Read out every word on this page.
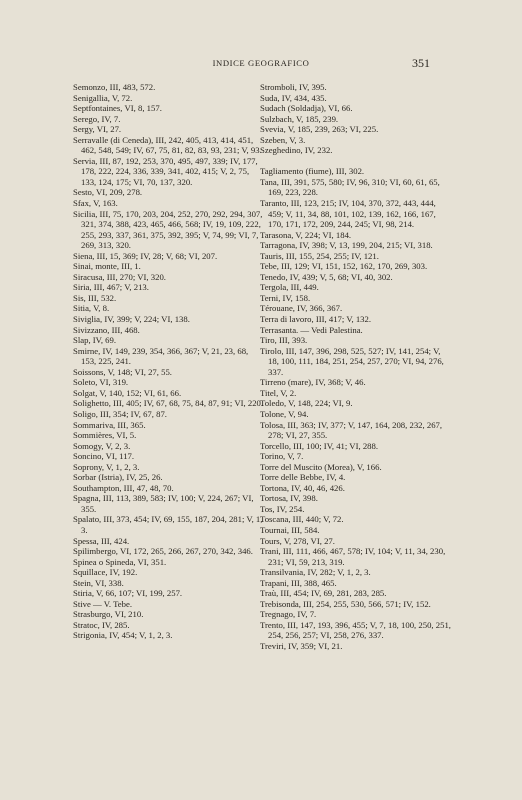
INDICE GEOGRAFICO	351
Semonzo, III, 483, 572.
Senigallia, V, 72.
Septfontaines, VI, 8, 157.
Serego, IV, 7.
Sergy, VI, 27.
Serravalle (di Ceneda), III, 242, 405, 413, 414, 451, 462, 548, 549; IV, 67, 75, 81, 82, 83, 93, 231; V, 93.
Servia, III, 87, 192, 253, 370, 495, 497, 339; IV, 177, 178, 222, 224, 336, 339, 341, 402, 415; V, 2, 75, 133, 124, 175; VI, 70, 137, 320.
Sesto, VI, 209, 278.
Sfax, V, 163.
Sicilia, III, 75, 170, 203, 204, 252, 270, 292, 294, 307, 321, 374, 388, 423, 465, 466, 568; IV, 19, 109, 222, 255, 293, 337, 361, 375, 392, 395; V, 74, 99; VI, 7, 269, 313, 320.
Siena, III, 15, 369; IV, 28; V, 68; VI, 207.
Sinai, monte, III, 1.
Siracusa, III, 270; VI, 320.
Siria, III, 467; V, 213.
Sis, III, 532.
Sitia, V, 8.
Siviglia, IV, 399; V, 224; VI, 138.
Sivizzano, III, 468.
Slap, IV, 69.
Smirne, IV, 149, 239, 354, 366, 367; V, 21, 23, 68, 153, 225, 241.
Soissons, V, 148; VI, 27, 55.
Soleto, VI, 319.
Solgat, V, 140, 152; VI, 61, 66.
Solighetto, III, 405; IV, 67, 68, 75, 84, 87, 91; VI, 220.
Soligo, III, 354; IV, 67, 87.
Sommariva, III, 365.
Sommières, VI, 5.
Somogy, V, 2, 3.
Soncino, VI, 117.
Soprony, V, 1, 2, 3.
Sorbar (Istria), IV, 25, 26.
Southampton, III, 47, 48, 70.
Spagna, III, 113, 389, 583; IV, 100; V, 224, 267; VI, 355.
Spalato, III, 373, 454; IV, 69, 155, 187, 204, 281; V, 1, 3.
Spessa, III, 424.
Spilimbergo, VI, 172, 265, 266, 267, 270, 342, 346.
Spinea o Spineda, VI, 351.
Squillace, IV, 192.
Stein, VI, 338.
Stiria, V, 66, 107; VI, 199, 257.
Stive — V. Tebe.
Strasburgo, VI, 210.
Stratoc, IV, 285.
Strigonia, IV, 454; V, 1, 2, 3.
Stromboli, IV, 395.
Suda, IV, 434, 435.
Sudach (Soldadja), VI, 66.
Sulzbach, V, 185, 239.
Svevia, V, 185, 239, 263; VI, 225.
Szeben, V, 3.
Szeghedino, IV, 232.
Tagliamento (fiume), III, 302.
Tana, III, 391, 575, 580; IV, 96, 310; VI, 60, 61, 65, 169, 223, 228.
Taranto, III, 123, 215; IV, 104, 370, 372, 443, 444, 459; V, 11, 34, 88, 101, 102, 139, 162, 166, 167, 170, 171, 172, 209, 244, 245; VI, 98, 214.
Tarasona, V, 224; VI, 184.
Tarragona, IV, 398; V, 13, 199, 204, 215; VI, 318.
Tauris, III, 155, 254, 255; IV, 121.
Tebe, III, 129; VI, 151, 152, 162, 170, 269, 303.
Tenedo, IV, 439; V, 5, 68; VI, 40, 302.
Tergola, III, 449.
Terni, IV, 158.
Térouane, IV, 366, 367.
Terra di lavoro, III, 417; V, 132.
Terrasanta. — Vedi Palestina.
Tiro, III, 393.
Tirolo, III, 147, 396, 298, 525, 527; IV, 141, 254; V, 18, 100, 111, 184, 251, 254, 257, 270; VI, 94, 276, 337.
Tirreno (mare), IV, 368; V, 46.
Titel, V, 2.
Toledo, V, 148, 224; VI, 9.
Tolone, V, 94.
Tolosa, III, 363; IV, 377; V, 147, 164, 208, 232, 267, 278; VI, 27, 355.
Torcello, III, 100; IV, 41; VI, 288.
Torino, V, 7.
Torre del Muscito (Morea), V, 166.
Torre delle Bebbe, IV, 4.
Tortona, IV, 40, 46, 426.
Tortosa, IV, 398.
Tos, IV, 254.
Toscana, III, 440; V, 72.
Tournai, III, 584.
Tours, V, 278, VI, 27.
Trani, III, 111, 466, 467, 578; IV, 104; V, 11, 34, 230, 231; VI, 59, 213, 319.
Transilvania, IV, 282; V, 1, 2, 3.
Trapani, III, 388, 465.
Traù, III, 454; IV, 69, 281, 283, 285.
Trebisonda, III, 254, 255, 530, 566, 571; IV, 152.
Tregnago, IV, 7.
Trento, III, 147, 193, 396, 455; V, 7, 18, 100, 250, 251, 254, 256, 257; VI, 258, 276, 337.
Treviri, IV, 359; VI, 21.
